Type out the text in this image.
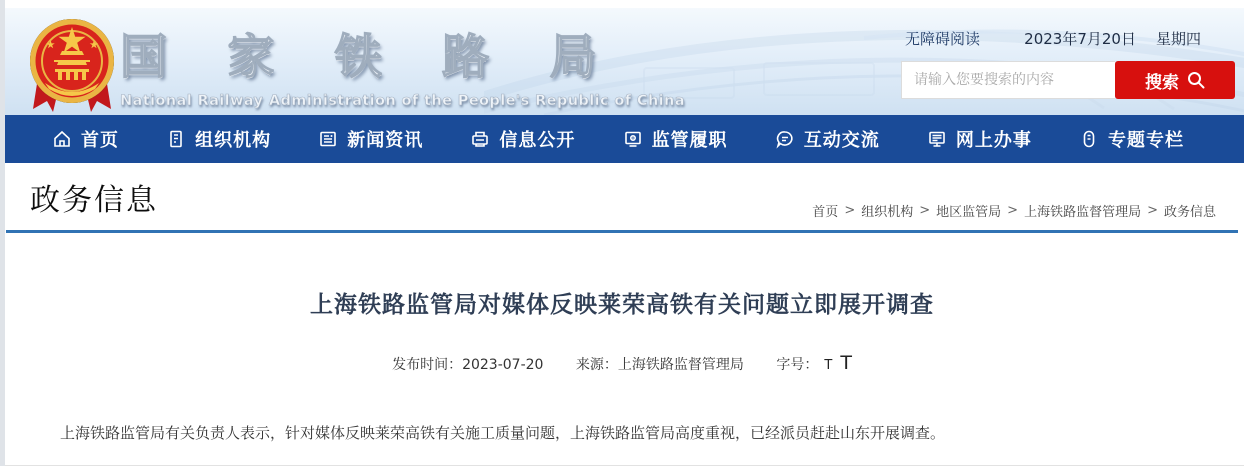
国 家 铁 路 局
National Railway Administration of the People's Republic of China
无障碍阅读	2023年7月20日 星期四
请输入您要搜索的内容
搜索
首页	组织机构	新闻资讯	信息公开	监管履职	互动交流	网上办事	专题专栏
政务信息	首页 > 组织机构 > 地区监管局 > 上海铁路监督管理局 > 政务信息
上海铁路监管局对媒体反映莱荣高铁有关问题立即展开调查
发布时间：2023-07-20 来源：上海铁路监督管理局 字号： T T

上海铁路监管局有关负责人表示，针对媒体反映莱荣高铁有关施工质量问题，上海铁路监管局高度重视，已经派员赶赴山东开展调查。
